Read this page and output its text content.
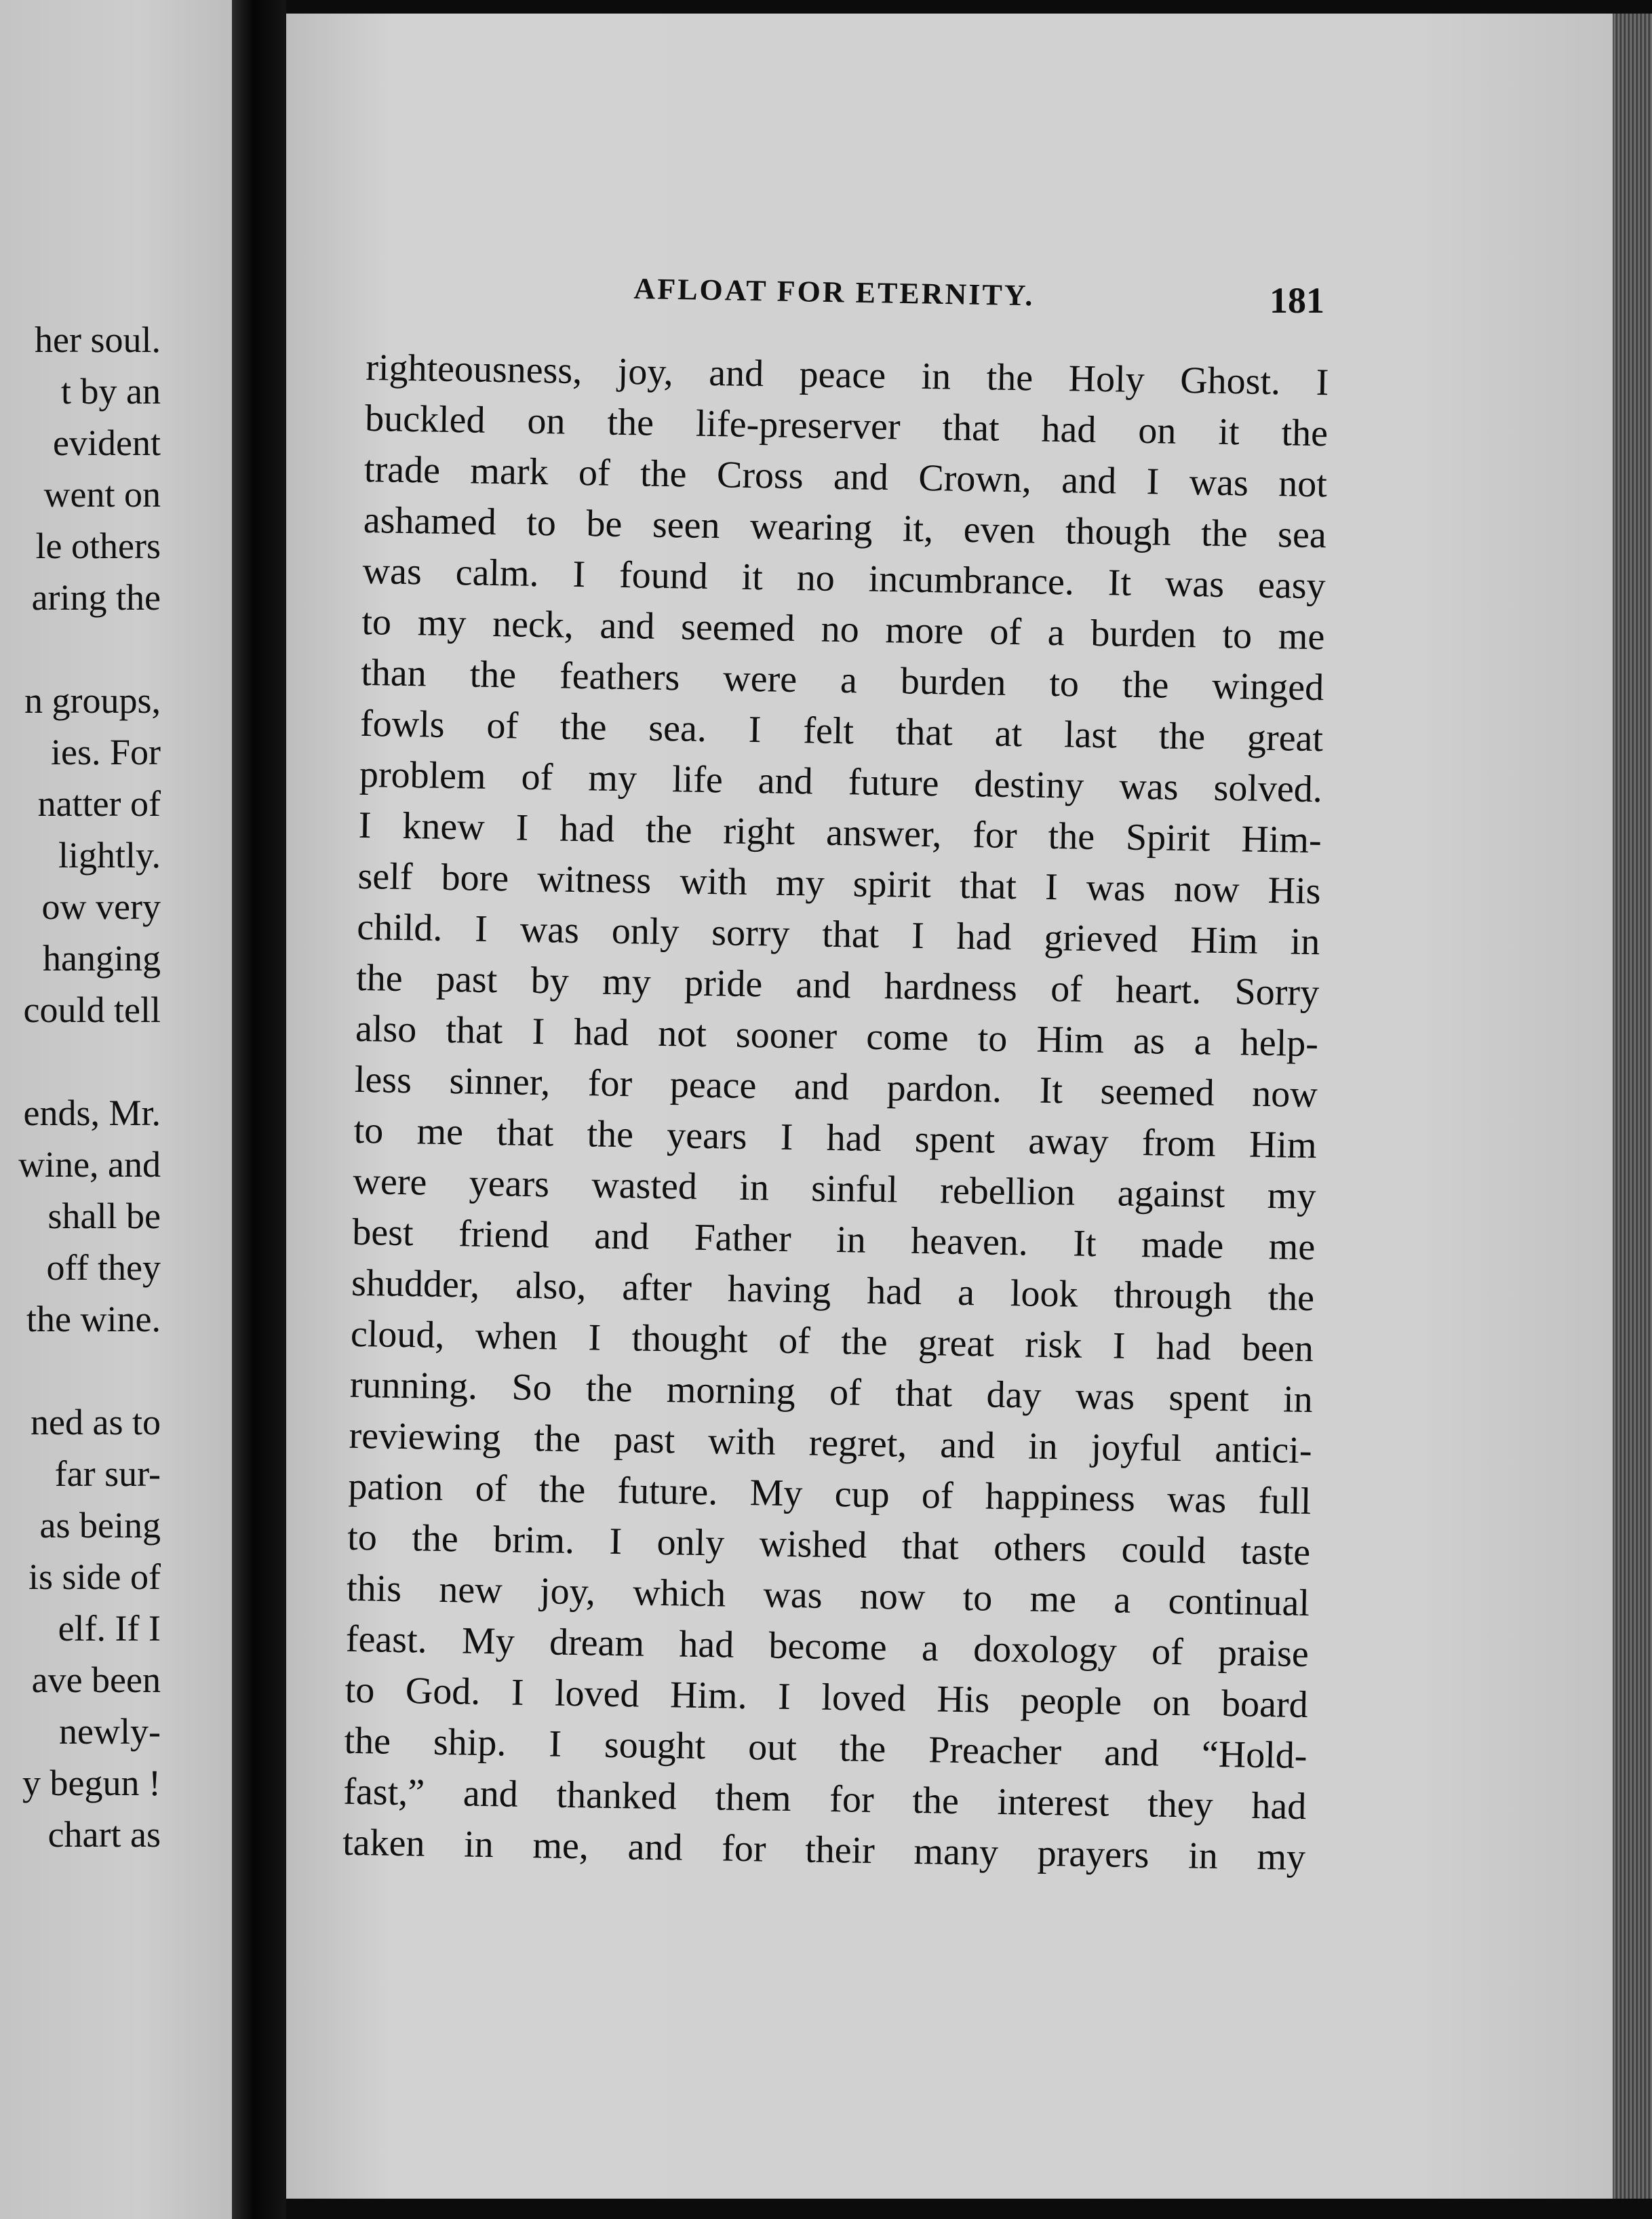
her soul.
t by an
evident
went on
le others
aring the
n groups,
ies. For
natter of
lightly.
ow very
hanging
could tell
ends, Mr.
wine, and
shall be
off they
the wine.
ned as to
far sur-
as being
is side of
elf. If I
ave been
newly-
y begun !
chart as
AFLOAT FOR ETERNITY.	181
righteousness, joy, and peace in the Holy Ghost. I
buckled on the life-preserver that had on it the
trade mark of the Cross and Crown, and I was not
ashamed to be seen wearing it, even though the sea
was calm. I found it no incumbrance. It was easy
to my neck, and seemed no more of a burden to me
than the feathers were a burden to the winged
fowls of the sea. I felt that at last the great
problem of my life and future destiny was solved.
I knew I had the right answer, for the Spirit Him-
self bore witness with my spirit that I was now His
child. I was only sorry that I had grieved Him in
the past by my pride and hardness of heart. Sorry
also that I had not sooner come to Him as a help-
less sinner, for peace and pardon. It seemed now
to me that the years I had spent away from Him
were years wasted in sinful rebellion against my
best friend and Father in heaven. It made me
shudder, also, after having had a look through the
cloud, when I thought of the great risk I had been
running. So the morning of that day was spent in
reviewing the past with regret, and in joyful antici-
pation of the future. My cup of happiness was full
to the brim. I only wished that others could taste
this new joy, which was now to me a continual
feast. My dream had become a doxology of praise
to God. I loved Him. I loved His people on board
the ship. I sought out the Preacher and “Hold-
fast,” and thanked them for the interest they had
taken in me, and for their many prayers in my
